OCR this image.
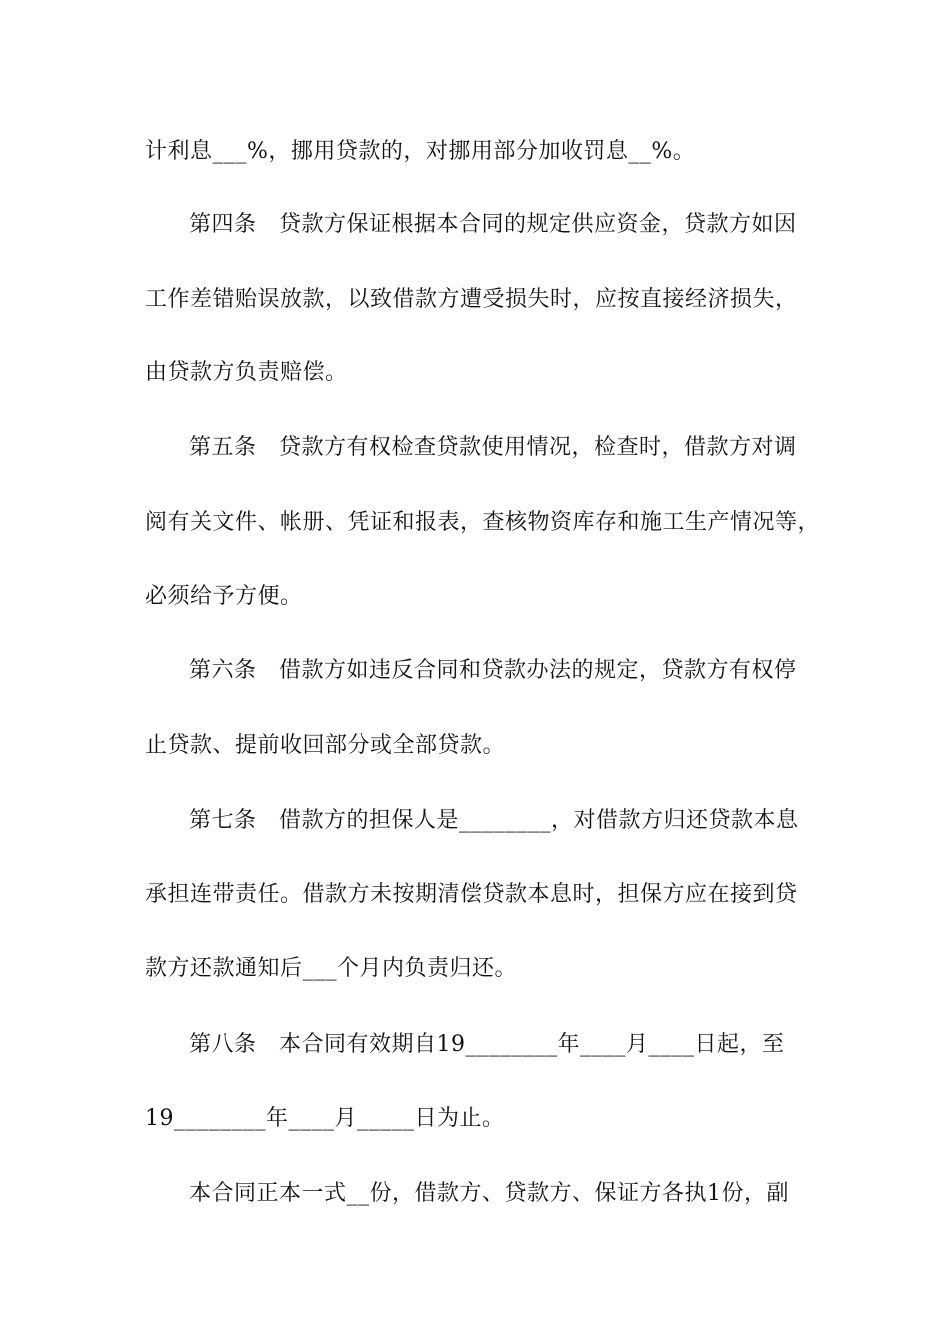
计利息___%，挪用贷款的，对挪用部分加收罚息__%。
第四条　贷款方保证根据本合同的规定供应资金，贷款方如因
工作差错贻误放款，以致借款方遭受损失时，应按直接经济损失，
由贷款方负责赔偿。
第五条　贷款方有权检查贷款使用情况，检查时，借款方对调
阅有关文件、帐册、凭证和报表，查核物资库存和施工生产情况等，
必须给予方便。
第六条　借款方如违反合同和贷款办法的规定，贷款方有权停
止贷款、提前收回部分或全部贷款。
第七条　借款方的担保人是________，对借款方归还贷款本息
承担连带责任。借款方未按期清偿贷款本息时，担保方应在接到贷
款方还款通知后___个月内负责归还。
第八条　本合同有效期自19________年____月____日起，至
19________年____月_____日为止。
本合同正本一式__份，借款方、贷款方、保证方各执1份，副
